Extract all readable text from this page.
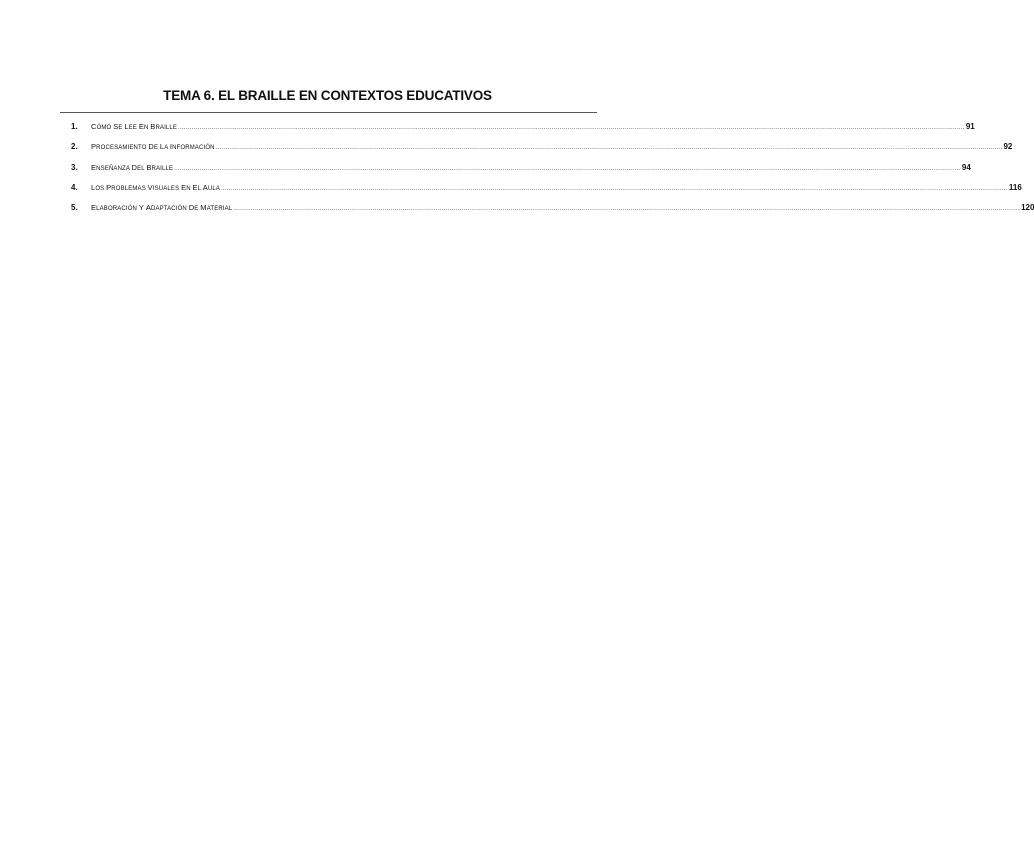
TEMA 6. EL BRAILLE EN CONTEXTOS EDUCATIVOS
1.	CÓMO SE LEE EN BRAILLE ................................................................................................................................................................................................................................................................................................................................................................................................................ 91
2.	PROCESAMIENTO DE LA INFORMACIÓN ................................................................................................................................................................................................................................................................................................................................................................................................................ 92
3.	ENSEÑANZA DEL BRAILLE ................................................................................................................................................................................................................................................................................................................................................................................................................ 94
4.	LOS PROBLEMAS VISUALES EN EL AULA ................................................................................................................................................................................................................................................................................................................................................................................................................ 116
5.	ELABORACIÓN Y ADAPTACIÓN DE MATERIAL ................................................................................................................................................................................................................................................................................................................................................................................................................ 120
